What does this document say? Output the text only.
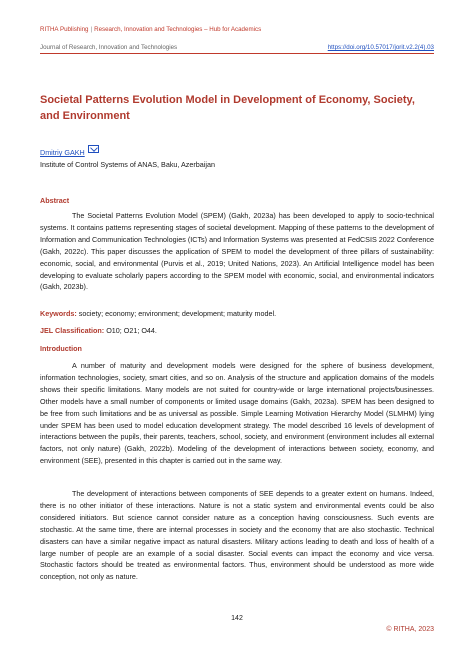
RITHA Publishing | Research, Innovation and Technologies – Hub for Academics
Journal of Research, Innovation and Technologies	https://doi.org/10.57017/jorit.v2.2(4).03
Societal Patterns Evolution Model in Development of Economy, Society, and Environment
Dmitriy GAKH
Institute of Control Systems of ANAS, Baku, Azerbaijan
Abstract
The Societal Patterns Evolution Model (SPEM) (Gakh, 2023a) has been developed to apply to socio-technical systems. It contains patterns representing stages of societal development. Mapping of these patterns to the development of Information and Communication Technologies (ICTs) and Information Systems was presented at FedCSIS 2022 Conference (Gakh, 2022c). This paper discusses the application of SPEM to model the development of three pillars of sustainability: economic, social, and environmental (Purvis et al., 2019; United Nations, 2023). An Artificial Intelligence model has been developing to evaluate scholarly papers according to the SPEM model with economic, social, and environmental indicators (Gakh, 2023b).
Keywords: society; economy; environment; development; maturity model.
JEL Classification: O10; O21; O44.
Introduction
A number of maturity and development models were designed for the sphere of business development, information technologies, society, smart cities, and so on. Analysis of the structure and application domains of the models shows their specific limitations. Many models are not suited for country-wide or large international projects/businesses. Other models have a small number of components or limited usage domains (Gakh, 2023a). SPEM has been designed to be free from such limitations and be as universal as possible. Simple Learning Motivation Hierarchy Model (SLMHM) lying under SPEM has been used to model education development strategy. The model described 16 levels of development of interactions between the pupils, their parents, teachers, school, society, and environment (environment includes all external factors, not only nature) (Gakh, 2022b). Modeling of the development of interactions between society, economy, and environment (SEE), presented in this chapter is carried out in the same way.
The development of interactions between components of SEE depends to a greater extent on humans. Indeed, there is no other initiator of these interactions. Nature is not a static system and environmental events could be also considered initiators. But science cannot consider nature as a conception having consciousness. Such events are stochastic. At the same time, there are internal processes in society and the economy that are also stochastic. Technical disasters can have a similar negative impact as natural disasters. Military actions leading to death and loss of health of a large number of people are an example of a social disaster. Social events can impact the economy and vice versa. Stochastic factors should be treated as environmental factors. Thus, environment should be understood as more wide conception, not only as nature.
142
© RITHA, 2023
